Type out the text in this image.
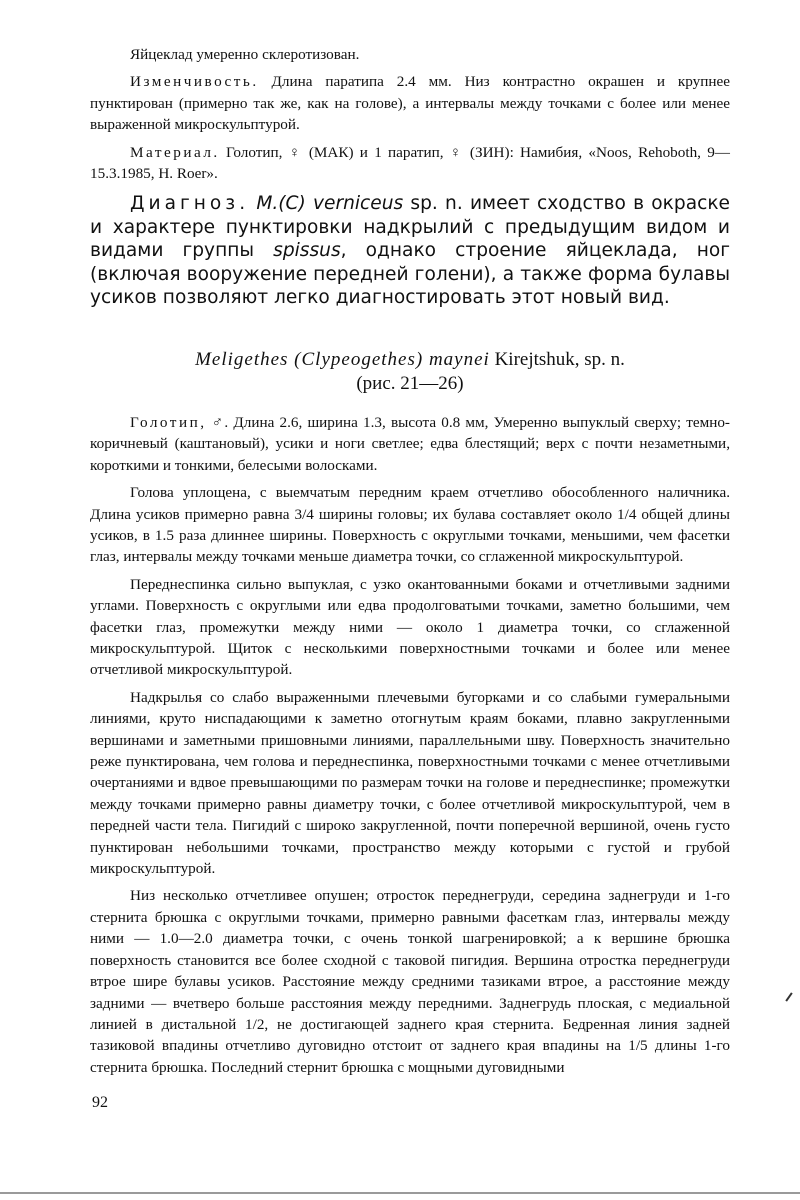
Яйцеклад умеренно склеротизован.

Изменчивость. Длина паратипа 2.4 мм. Низ контрастно окрашен и крупнее пунктирован (примерно так же, как на голове), а интервалы между точками с более или менее выраженной микроскульптурой.

Материал. Голотип, ♀ (МАК) и 1 паратип, ♀ (ЗИН): Намибия, «Noos, Rehoboth, 9—15.3.1985, H. Roer».

Диагноз. M.(C) verniceus sp. n. имеет сходство в окраске и характере пунктировки надкрылий с предыдущим видом и видами группы spissus, однако строение яйцеклада, ног (включая вооружение передней голени), а также форма булавы усиков позволяют легко диагностировать этот новый вид.

Meligethes (Clypeogethes) maynei Kirejtshuk, sp. n.
(рис. 21—26)

Голотип, ♂. Длина 2.6, ширина 1.3, высота 0.8 мм, Умеренно выпуклый сверху; темно-коричневый (каштановый), усики и ноги светлее; едва блестящий; верх с почти незаметными, короткими и тонкими, белесыми волосками.

Голова уплощена, с выемчатым передним краем отчетливо обособленного наличника. Длина усиков примерно равна 3/4 ширины головы; их булава составляет около 1/4 общей длины усиков, в 1.5 раза длиннее ширины. Поверхность с округлыми точками, меньшими, чем фасетки глаз, интервалы между точками меньше диаметра точки, со сглаженной микроскульптурой.

Переднеспинка сильно выпуклая, с узко окантованными боками и отчетливыми задними углами. Поверхность с округлыми или едва продолговатыми точками, заметно большими, чем фасетки глаз, промежутки между ними — около 1 диаметра точки, со сглаженной микроскульптурой. Щиток с несколькими поверхностными точками и более или менее отчетливой микроскульптурой.

Надкрылья со слабо выраженными плечевыми бугорками и со слабыми гумеральными линиями, круто ниспадающими к заметно отогнутым краям боками, плавно закругленными вершинами и заметными пришовными линиями, параллельными шву. Поверхность значительно реже пунктирована, чем голова и переднеспинка, поверхностными точками с менее отчетливыми очертаниями и вдвое превышающими по размерам точки на голове и переднеспинке; промежутки между точками примерно равны диаметру точки, с более отчетливой микроскульптурой, чем в передней части тела. Пигидий с широко закругленной, почти поперечной вершиной, очень густо пунктирован небольшими точками, пространство между которыми с густой и грубой микроскульптурой.

Низ несколько отчетливее опушен; отросток переднегруди, середина заднегруди и 1-го стернита брюшка с округлыми точками, примерно равными фасеткам глаз, интервалы между ними — 1.0—2.0 диаметра точки, с очень тонкой шагренировкой; а к вершине брюшка поверхность становится все более сходной с таковой пигидия. Вершина отростка переднегруди втрое шире булавы усиков. Расстояние между средними тазиками втрое, а расстояние между задними — вчетверо больше расстояния между передними. Заднегрудь плоская, с медиальной линией в дистальной 1/2, не достигающей заднего края стернита. Бедренная линия задней тазиковой впадины отчетливо дуговидно отстоит от заднего края впадины на 1/5 длины 1-го стернита брюшка. Последний стернит брюшка с мощными дуговидными

92
